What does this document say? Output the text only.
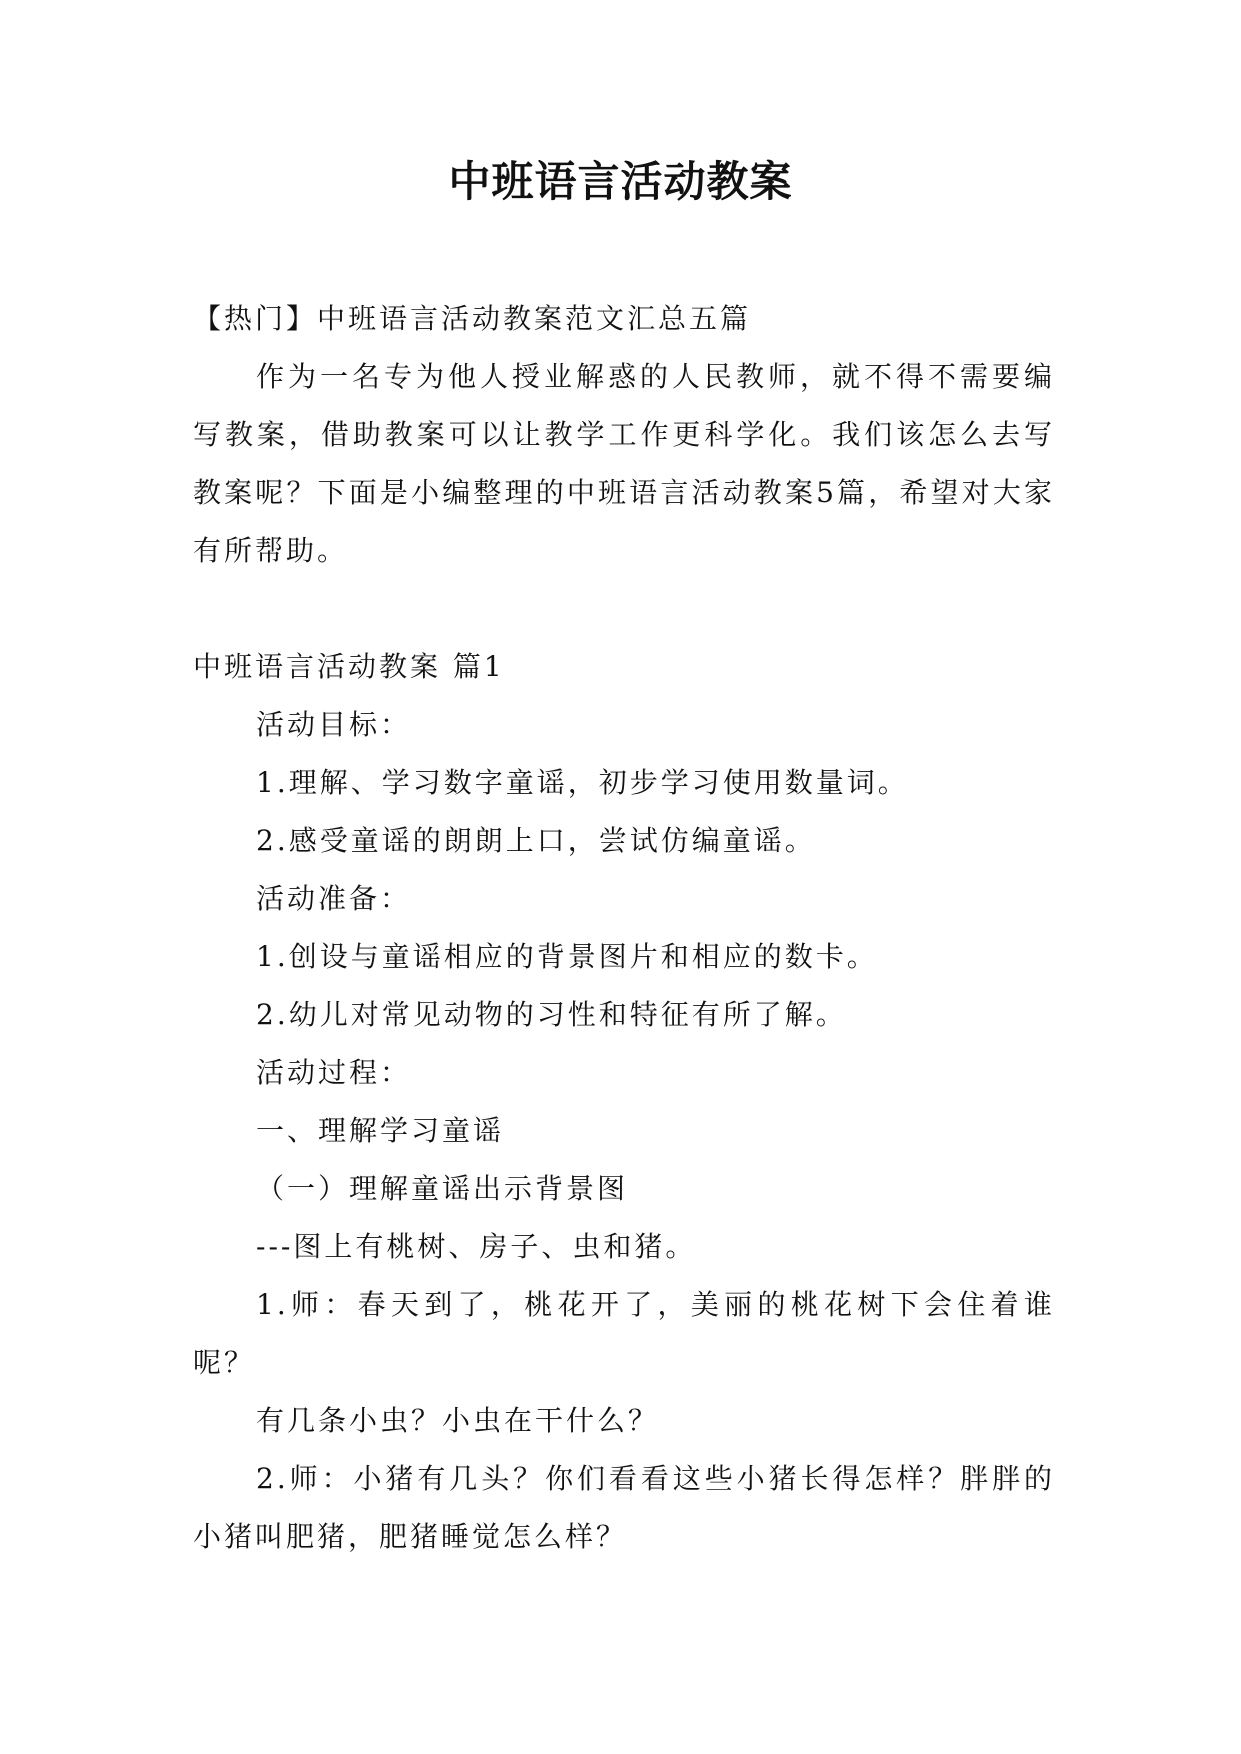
中班语言活动教案

【热门】中班语言活动教案范文汇总五篇

作为一名专为他人授业解惑的人民教师，就不得不需要编写教案，借助教案可以让教学工作更科学化。我们该怎么去写教案呢？下面是小编整理的中班语言活动教案5篇，希望对大家有所帮助。

中班语言活动教案 篇1

活动目标：

1.理解、学习数字童谣，初步学习使用数量词。

2.感受童谣的朗朗上口，尝试仿编童谣。

活动准备：

1.创设与童谣相应的背景图片和相应的数卡。

2.幼儿对常见动物的习性和特征有所了解。

活动过程：

一、理解学习童谣

（一）理解童谣出示背景图

---图上有桃树、房子、虫和猪。

1.师：春天到了，桃花开了，美丽的桃花树下会住着谁呢？

有几条小虫？小虫在干什么？

2.师：小猪有几头？你们看看这些小猪长得怎样？胖胖的小猪叫肥猪，肥猪睡觉怎么样？
